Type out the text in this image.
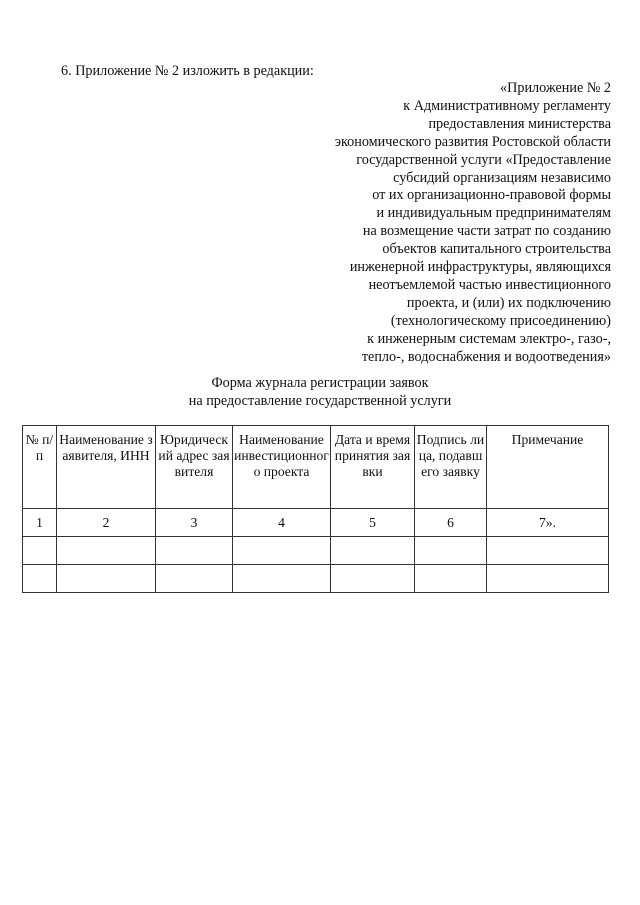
6. Приложение № 2 изложить в редакции:
«Приложение № 2
к Административному регламенту
предоставления министерства
экономического развития Ростовской области
государственной услуги «Предоставление
субсидий организациям независимо
от их организационно-правовой формы
и индивидуальным предпринимателям
на возмещение части затрат по созданию
объектов капитального строительства
инженерной инфраструктуры, являющихся
неотъемлемой частью инвестиционного
проекта, и (или) их подключению
(технологическому присоединению)
к инженерным системам электро-, газо-,
тепло-, водоснабжения и водоотведения»
Форма журнала регистрации заявок
на предоставление государственной услуги
№ п/п	Наименование заявителя, ИНН	Юридический адрес заявителя	Наименование инвестиционного проекта	Дата и время принятия заявки	Подпись лица, подавшего заявку	Примечание
1	2	3	4	5	6	7».
